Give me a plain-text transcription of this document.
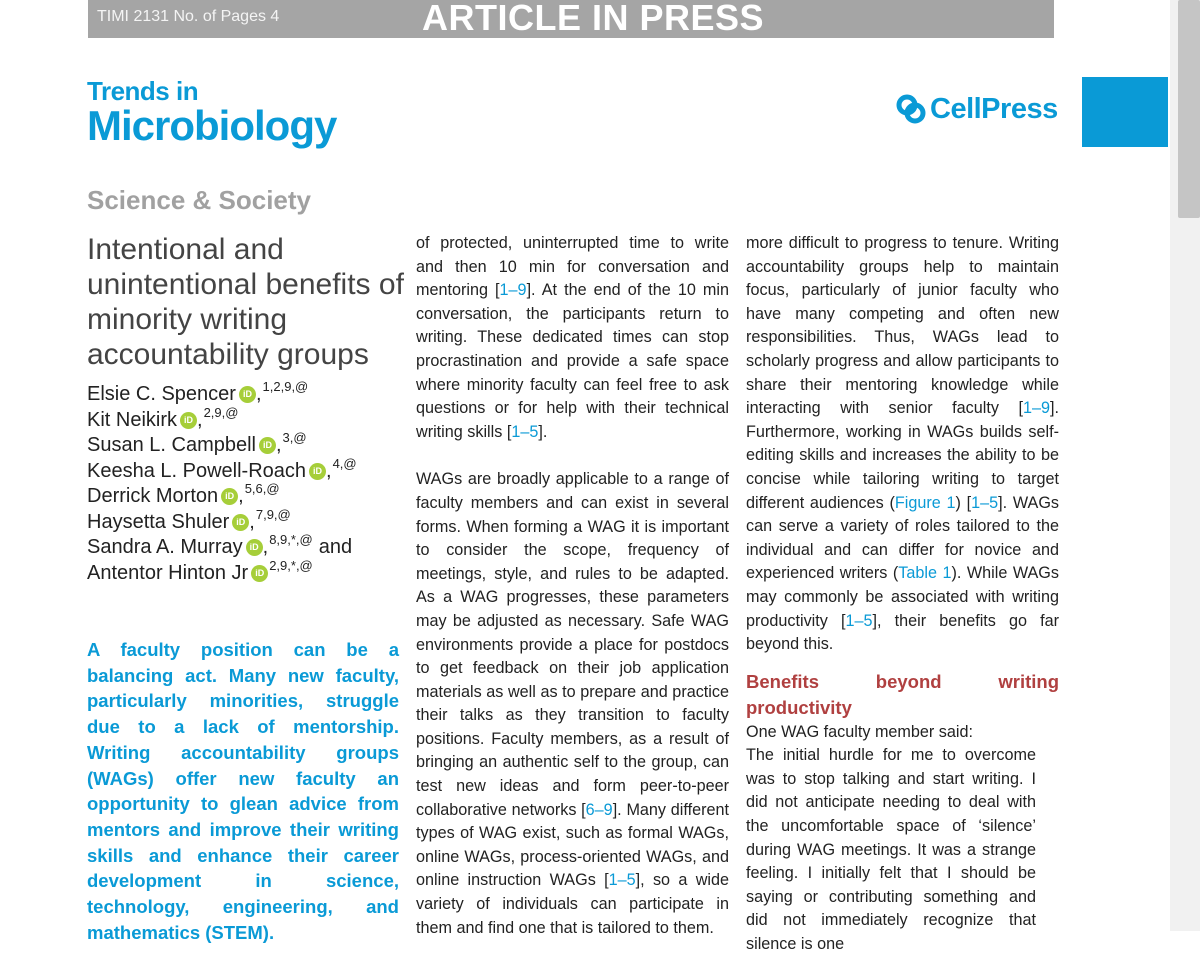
TIMI 2131 No. of Pages 4	ARTICLE IN PRESS
Trends in
Microbiology	CellPress
Science & Society
Intentional and unintentional benefits of minority writing accountability groups
Elsie C. Spencer iD , 1,2,9,@
Kit Neikirk iD , 2,9,@
Susan L. Campbell iD , 3,@
Keesha L. Powell-Roach iD , 4,@
Derrick Morton iD , 5,6,@
Haysetta Shuler iD , 7,9,@
Sandra A. Murray iD , 8,9,*,@ and
Antentor Hinton Jr iD 2,9,*,@
A faculty position can be a balancing act. Many new faculty, particularly minorities, struggle due to a lack of mentorship. Writing accountability groups (WAGs) offer new faculty an opportunity to glean advice from mentors and improve their writing skills and enhance their career development in science, technology, engineering, and mathematics (STEM).

of protected, uninterrupted time to write and then 10 min for conversation and mentoring [1–9]. At the end of the 10 min conversation, the participants return to writing. These dedicated times can stop procrastination and provide a safe space where minority faculty can feel free to ask questions or for help with their technical writing skills [1–5].

WAGs are broadly applicable to a range of faculty members and can exist in several forms. When forming a WAG it is important to consider the scope, frequency of meetings, style, and rules to be adapted. As a WAG progresses, these parameters may be adjusted as necessary. Safe WAG environments provide a place for postdocs to get feedback on their job application materials as well as to prepare and practice their talks as they transition to faculty positions. Faculty members, as a result of bringing an authentic self to the group, can test new ideas and form peer-to-peer collaborative networks [6–9]. Many different types of WAG exist, such as formal WAGs, online WAGs, process-oriented WAGs, and online instruction WAGs [1–5], so a wide variety of individuals can participate in them and find one that is tailored to them.

more difficult to progress to tenure. Writing accountability groups help to maintain focus, particularly of junior faculty who have many competing and often new responsibilities. Thus, WAGs lead to scholarly progress and allow participants to share their mentoring knowledge while interacting with senior faculty [1–9]. Furthermore, working in WAGs builds self-editing skills and increases the ability to be concise while tailoring writing to target different audiences (Figure 1) [1–5]. WAGs can serve a variety of roles tailored to the individual and can differ for novice and experienced writers (Table 1). While WAGs may commonly be associated with writing productivity [1–5], their benefits go far beyond this.

Benefits beyond writing productivity

One WAG faculty member said:

The initial hurdle for me to overcome was to stop talking and start writing. I did not anticipate needing to deal with the uncomfortable space of ‘silence’ during WAG meetings. It was a strange feeling. I initially felt that I should be saying or contributing something and did not immediately recognize that silence is one
